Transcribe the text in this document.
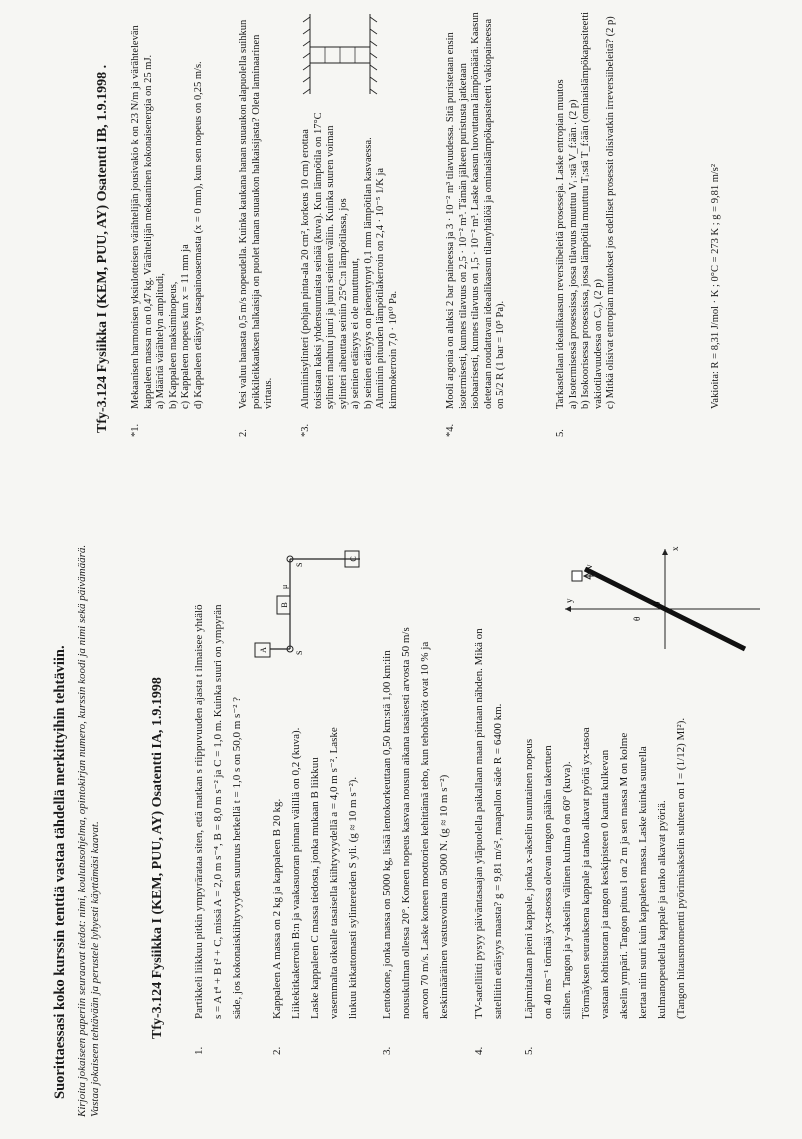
Suorittaessasi koko kurssin tenttiä vastaa tähdellä merkittyihin tehtäviin. Kirjoita jokaiseen paperiin seuraavat tiedot: nimi, koulutusohjelma, opintokirjan numero, kurssin koodi ja nimi sekä päivämäärä. Vastaa jokaiseen tehtävään ja perustele lyhyesti käyttämäsi kaavat.	Tfy-3.124 Fysiikka I (KEM, PUU, AY) Osatentti IA, 1.9.1998
1.

Partikkeli liikkuu pitkin ympyrärataa siten, että matkan s riippuvuuden ajasta t ilmaisee yhtälö s = A t⁴ + B t² + C, missä A = 2,0 m s⁻⁴, B = 8,0 m s⁻² ja C = 1,0 m. Kuinka suuri on ympyrän säde, jos kokonaiskiihtyvyyden suuruus hetkellä t = 1,0 s on 50,0 m s⁻² ?

2.

Kappaleen A massa on 2 kg ja kappaleen B 20 kg. Liikekitkakerroin B:n ja vaakasuoran pinnan välillä on 0,2 (kuva). Laske kappaleen C massa tiedosta, jonka mukaan B liikkuu vasemmalta oikealle tasaisella kiihtyvyydellä a = 4,0 m s⁻². Laske liukuu kitkattomasti sylintereiden S yli. (g ≈ 10 m s⁻²).

B
A
C
S
S
μ
3.

Lentokone, jonka massa on 5000 kg, lisää lentokorkeuttaan 0,50 km:stä 1,00 km:iin nousukulman ollessa 20°. Koneen nopeus kasvaa nousun aikana tasaisesti arvosta 50 m/s arvoon 70 m/s. Laske koneen moottorien kehittämä teho, kun tehohäviöt ovat 10 % ja keskimääräinen vastusvoima on 5000 N. (g ≈ 10 m s⁻²)

4.

TV-satelliitti pysyy päiväntasaajan yläpuolella paikallaan maan pintaan nähden. Mikä on satelliitin etäisyys maasta? g = 9,81 m/s², maapallon säde R = 6400 km.

5.

Läpimitaltaan pieni kappale, jonka x-akselin suuntainen nopeus on 40 ms⁻¹ törmää yx-tasossa olevan tangon päähän takertuen siihen. Tangon ja y-akselin välinen kulma θ on 60° (kuva). Törmäyksen seurauksena kappale ja tanko alkavat pyöriä yx-tasoa vastaan kohtisuoran ja tangon keskipisteen 0 kautta kulkevan akselin ympäri. Tangon pituus l on 2 m ja sen massa M on kolme kertaa niin suuri kuin kappaleen massa. Laske kuinka suurella kulmanopeudella kappale ja tanko alkavat pyöriä. (Tangon hitausmomentti pyörimisakselin suhteen on I = (1/12) Ml²).

x
y
v
θ
0
Tfy-3.124 Fysiikka I (KEM, PUU, AY) Osatentti IB, 1.9.1998 . *1.

Mekaanisen harmonisen yksiulotteisen värähtelijän jousivakio k on 23 N/m ja värähtelevän kappaleen massa m on 0,47 kg. Värähtelijän mekaaninen kokonaisenergia on 25 mJ. a) Määritä värähtelyn amplitudi, b) Kappaleen maksiminopeus, c) Kappaleen nopeus kun x = 11 mm ja d) Kappaleen etäisyys tasapainoasemasta (x = 0 mm), kun sen nopeus on 0,25 m/s.

2.

Vesi valuu hanasta 0,5 m/s nopeudella. Kuinka kaukana hanan suuaukon alapuolella suihkun poikkileikkauksen halkaisija on puolet hanan suuaukon halkaisijasta? Oleta laminaarinen virtaus.

*3.

Alumiinisylinteri (pohjan pinta-ala 20 cm², korkeus 10 cm) erottaa toisistaan kaksi yhdensuuntaista seinää (kuva). Kun lämpötila on 17°C sylinteri mahtuu juuri ja juuri seinien väliin. Kuinka suuren voiman sylinteri aiheuttaa seiniin 25°C:n lämpötilassa, jos a) seinien etäisyys ei ole muuttunut, b) seinien etäisyys on pienentynyt 0,1 mm lämpötilan kasvaessa. Alumiinin pituuden lämpötilakerroin on 2,4 · 10⁻⁵ 1/K ja kimmokerroin 7,0 · 10¹⁰ Pa.

*4.

Mooli argonia on aluksi 2 bar paineessa ja 3 · 10⁻² m³ tilavuudessa. Sitä puristetaan ensin isotermisesti, kunnes tilavuus on 2,5 · 10⁻² m³. Tämän jälkeen puristusta jatketaan isobaarisesti, kunnes tilavuus on 1,5 · 10⁻² m³. Laske kaasun luovuttama lämpömäärä. Kaasun oletetaan noudattavan ideaalikaasun tilanyhtälöä ja ominaislämpökapasiteetti vakiopaineessa on 5/2 R (1 bar = 10⁵ Pa).

5.

Tarkastellaan ideaalikaasun reversiibeleitä prosesseja. Laske entropian muutos a) Isotermisessä prosessissa, jossa tilavuus muuttuu Vᵢ :stä V_f:ään . (2 p) b) Isokoorisessa prosessissa, jossa lämpötila muuttuu Tᵢ:stä T_f:ään (ominaislämpökapasiteetti vakiotilavuudessa on Cᵥ). (2 p) c) Mitkä olisivat entropian muutokset jos edelliset prosessit olisivatkin irreversiibeleitä? (2 p)	Vakioita: R = 8,31 J/mol · K ; 0°C = 273 K ; g = 9,81 m/s²
